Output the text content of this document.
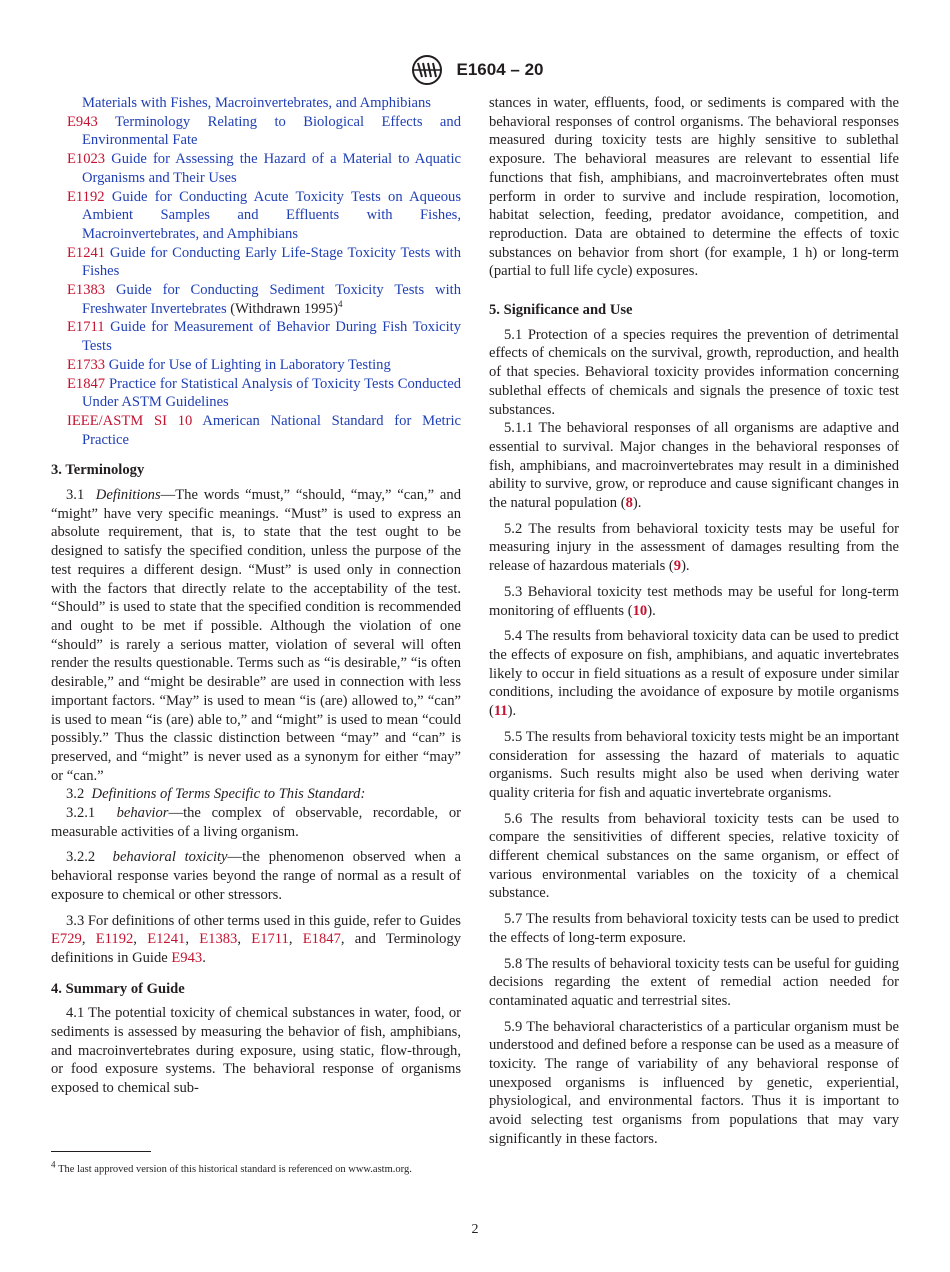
E1604 – 20
Materials with Fishes, Macroinvertebrates, and Amphibians
E943 Terminology Relating to Biological Effects and Environmental Fate
E1023 Guide for Assessing the Hazard of a Material to Aquatic Organisms and Their Uses
E1192 Guide for Conducting Acute Toxicity Tests on Aqueous Ambient Samples and Effluents with Fishes, Macroinvertebrates, and Amphibians
E1241 Guide for Conducting Early Life-Stage Toxicity Tests with Fishes
E1383 Guide for Conducting Sediment Toxicity Tests with Freshwater Invertebrates (Withdrawn 1995)$^4$
E1711 Guide for Measurement of Behavior During Fish Toxicity Tests
E1733 Guide for Use of Lighting in Laboratory Testing
E1847 Practice for Statistical Analysis of Toxicity Tests Conducted Under ASTM Guidelines
IEEE/ASTM SI 10 American National Standard for Metric Practice
3. Terminology

3.1 Definitions—The words “must,” “should, “may,” “can,” and “might” have very specific meanings. “Must” is used to express an absolute requirement, that is, to state that the test ought to be designed to satisfy the specified condition, unless the purpose of the test requires a different design. “Must” is used only in connection with the factors that directly relate to the acceptability of the test. “Should” is used to state that the specified condition is recommended and ought to be met if possible. Although the violation of one “should” is rarely a serious matter, violation of several will often render the results questionable. Terms such as “is desirable,” “is often desirable,” and “might be desirable” are used in connection with less important factors. “May” is used to mean “is (are) allowed to,” “can” is used to mean “is (are) able to,” and “might” is used to mean “could possibly.” Thus the classic distinction between “may” and “can” is preserved, and “might” is never used as a synonym for either “may” or “can.”

3.2 Definitions of Terms Specific to This Standard:

3.2.1 behavior—the complex of observable, recordable, or measurable activities of a living organism.

3.2.2 behavioral toxicity—the phenomenon observed when a behavioral response varies beyond the range of normal as a result of exposure to chemical or other stressors.

3.3 For definitions of other terms used in this guide, refer to Guides E729, E1192, E1241, E1383, E1711, E1847, and Terminology definitions in Guide E943.

4. Summary of Guide

4.1 The potential toxicity of chemical substances in water, food, or sediments is assessed by measuring the behavior of fish, amphibians, and macroinvertebrates during exposure, using static, flow-through, or food exposure systems. The behavioral response of organisms exposed to chemical sub-

$^4$ The last approved version of this historical standard is referenced on www.astm.org.

stances in water, effluents, food, or sediments is compared with the behavioral responses of control organisms. The behavioral responses measured during toxicity tests are highly sensitive to sublethal exposure. The behavioral measures are relevant to essential life functions that fish, amphibians, and macroinvertebrates often must perform in order to survive and include respiration, locomotion, habitat selection, feeding, predator avoidance, competition, and reproduction. Data are obtained to determine the effects of toxic substances on behavior from short (for example, 1 h) or long-term (partial to full life cycle) exposures.

5. Significance and Use

5.1 Protection of a species requires the prevention of detrimental effects of chemicals on the survival, growth, reproduction, and health of that species. Behavioral toxicity provides information concerning sublethal effects of chemicals and signals the presence of toxic test substances.

5.1.1 The behavioral responses of all organisms are adaptive and essential to survival. Major changes in the behavioral responses of fish, amphibians, and macroinvertebrates may result in a diminished ability to survive, grow, or reproduce and cause significant changes in the natural population (8).

5.2 The results from behavioral toxicity tests may be useful for measuring injury in the assessment of damages resulting from the release of hazardous materials (9).

5.3 Behavioral toxicity test methods may be useful for long-term monitoring of effluents (10).

5.4 The results from behavioral toxicity data can be used to predict the effects of exposure on fish, amphibians, and aquatic invertebrates likely to occur in field situations as a result of exposure under similar conditions, including the avoidance of exposure by motile organisms (11).

5.5 The results from behavioral toxicity tests might be an important consideration for assessing the hazard of materials to aquatic organisms. Such results might also be used when deriving water quality criteria for fish and aquatic invertebrate organisms.

5.6 The results from behavioral toxicity tests can be used to compare the sensitivities of different species, relative toxicity of different chemical substances on the same organism, or effect of various environmental variables on the toxicity of a chemical substance.

5.7 The results from behavioral toxicity tests can be used to predict the effects of long-term exposure.

5.8 The results of behavioral toxicity tests can be useful for guiding decisions regarding the extent of remedial action needed for contaminated aquatic and terrestrial sites.

5.9 The behavioral characteristics of a particular organism must be understood and defined before a response can be used as a measure of toxicity. The range of variability of any behavioral response of unexposed organisms is influenced by genetic, experiential, physiological, and environmental factors. Thus it is important to avoid selecting test organisms from populations that may vary significantly in these factors.

2
